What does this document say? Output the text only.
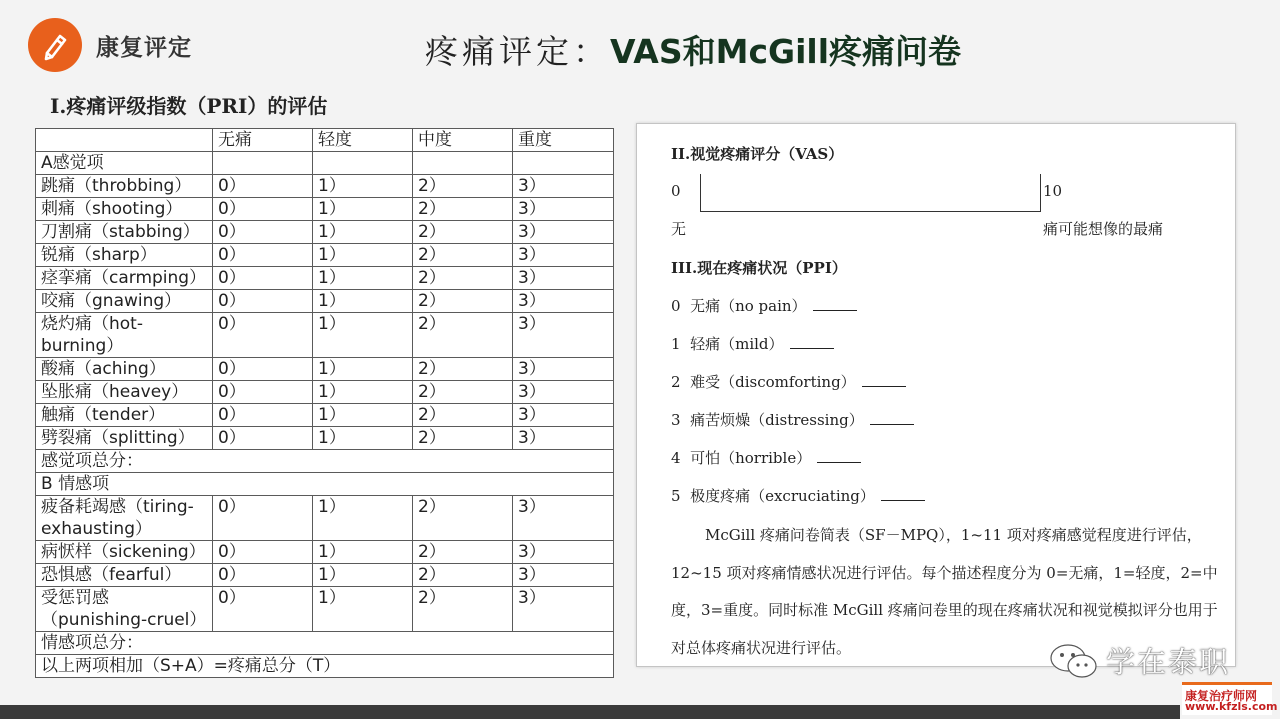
康复评定	疼痛评定：VAS和McGill疼痛问卷
Ⅰ.疼痛评级指数（PRI）的评估
	无痛	轻度	中度	重度
A感觉项				
跳痛（throbbing）	0）	1）	2）	3）
刺痛（shooting）	0）	1）	2）	3）
刀割痛（stabbing）	0）	1）	2）	3）
锐痛（sharp）	0）	1）	2）	3）
痉挛痛（carmping）	0）	1）	2）	3）
咬痛（gnawing）	0）	1）	2）	3）
烧灼痛（hot-burning）	0）	1）	2）	3）
酸痛（aching）	0）	1）	2）	3）
坠胀痛（heavey）	0）	1）	2）	3）
触痛（tender）	0）	1）	2）	3）
劈裂痛（splitting）	0）	1）	2）	3）
感觉项总分：				
B 情感项				
疲备耗竭感（tiring-exhausting）	0）	1）	2）	3）
病恹样（sickening）	0）	1）	2）	3）
恐惧感（fearful）	0）	1）	2）	3）
受惩罚感（punishing-cruel）	0）	1）	2）	3）
情感项总分：				
以上两项相加（S+A）=疼痛总分（T）				
II.视觉疼痛评分（VAS）
0	10
无	痛可能想像的最痛
III.现在疼痛状况（PPI）
0 无痛（no pain）
1 轻痛（mild）
2 难受（discomforting）
3 痛苦烦燥（distressing）
4 可怕（horrible）
5 极度疼痛（excruciating）
McGill 疼痛问卷简表（SF－MPQ），1~11 项对疼痛感觉程度进行评估，12~15 项对疼痛情感状况进行评估。每个描述程度分为 0=无痛，1=轻度，2=中度，3=重度。同时标准 McGill 疼痛问卷里的现在疼痛状况和视觉模拟评分也用于对总体疼痛状况进行评估。	学在泰职
康复治疗师网
www.kfzls.com
